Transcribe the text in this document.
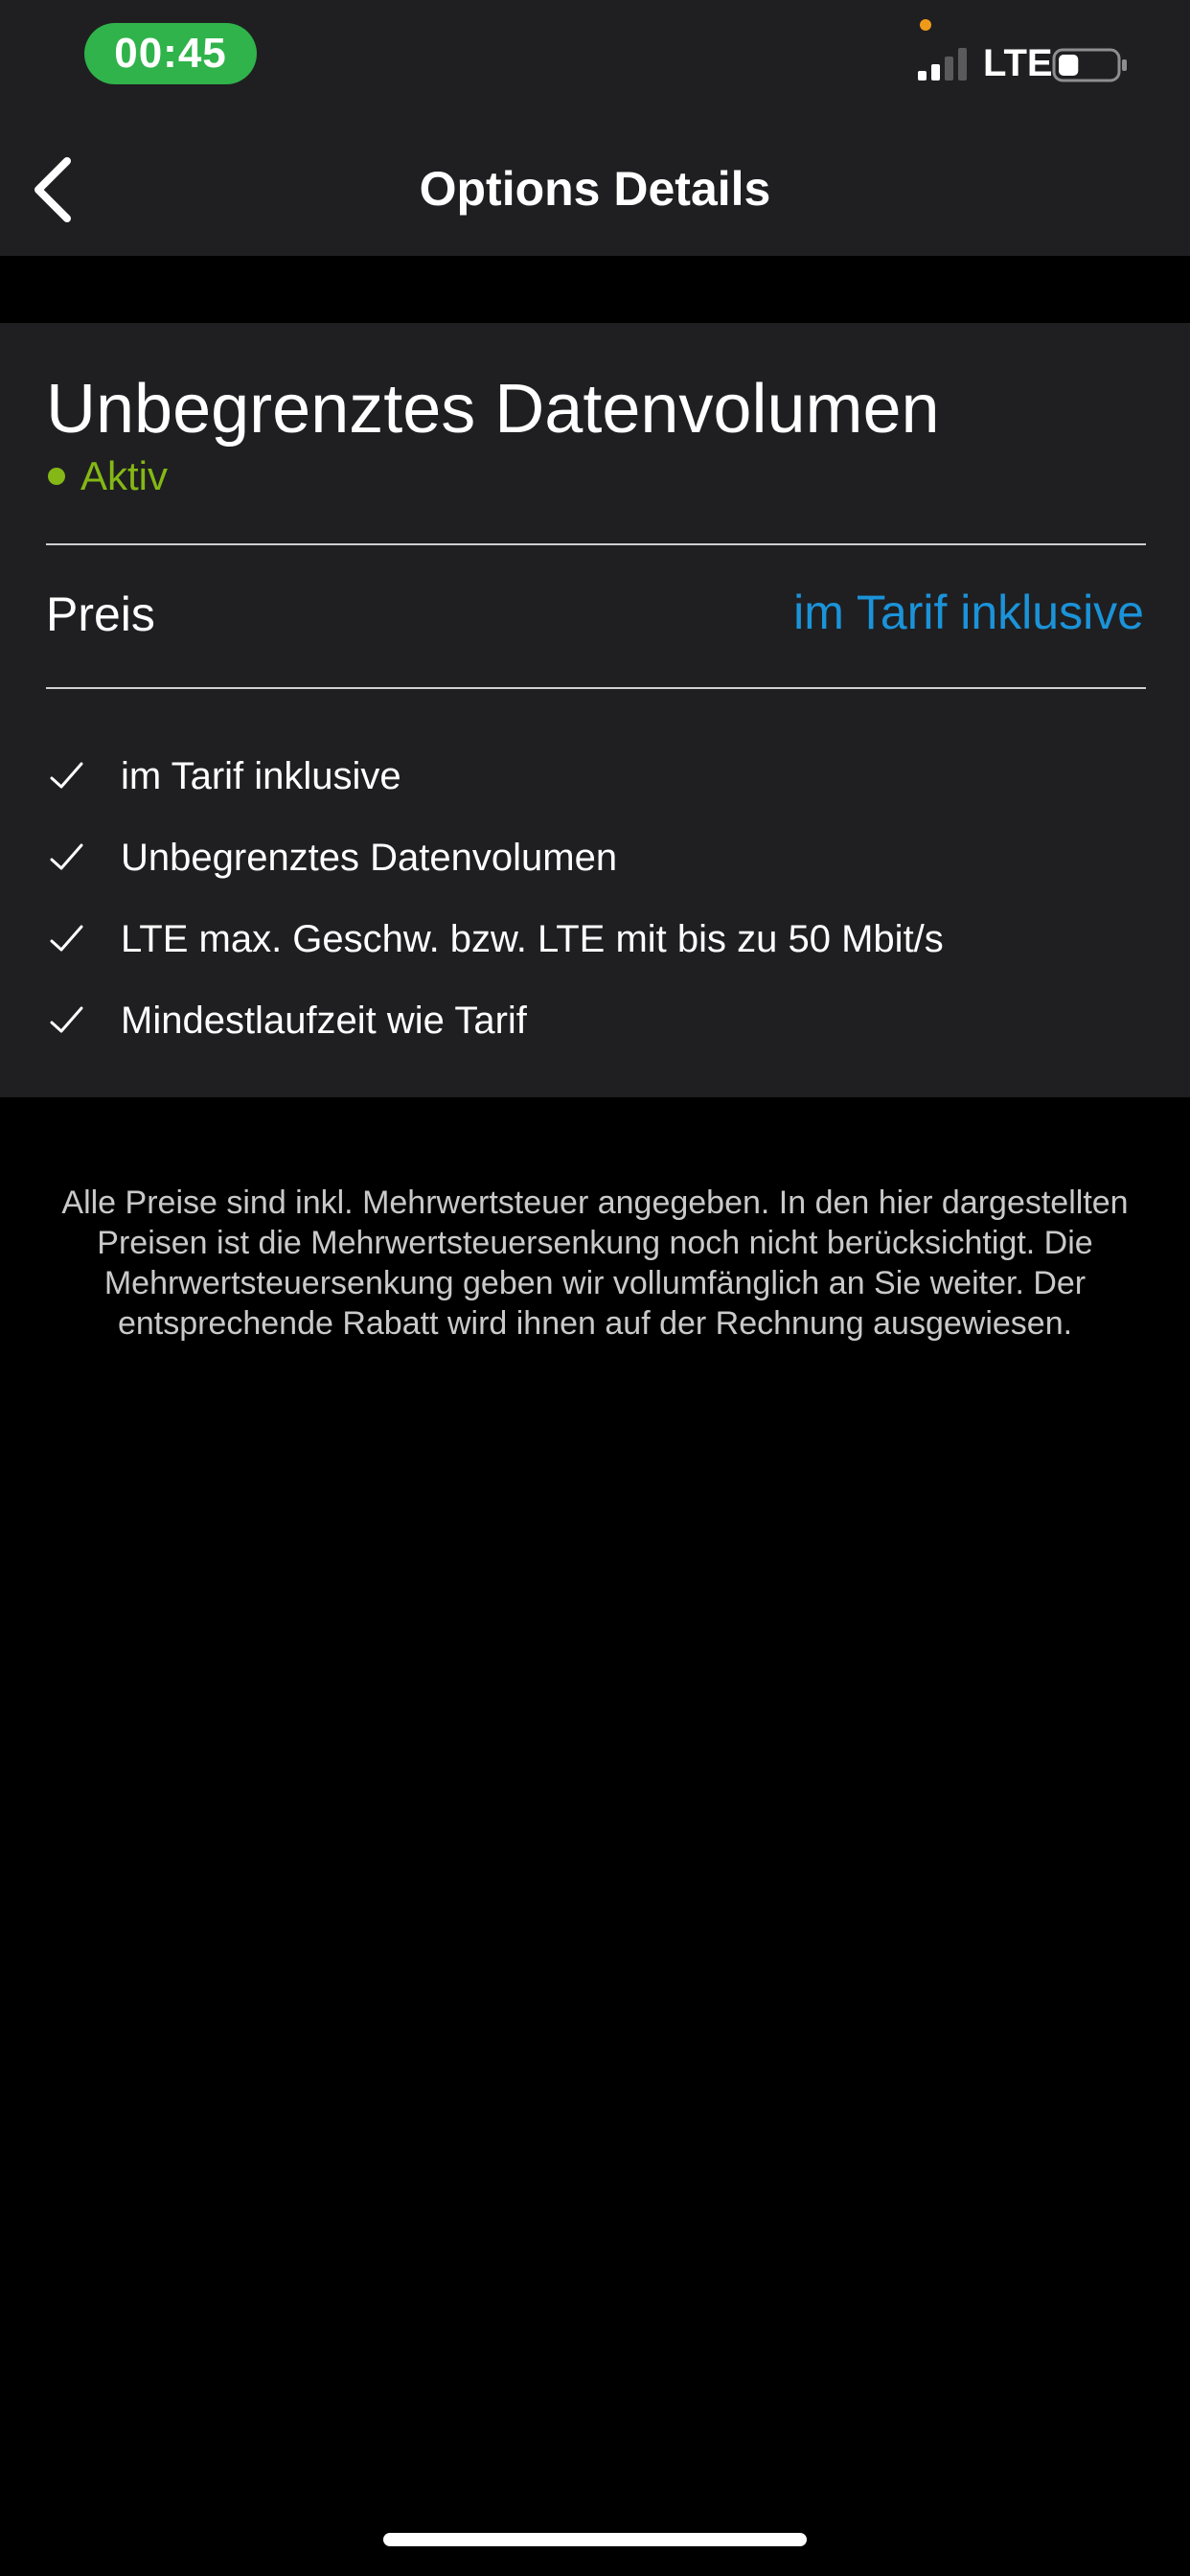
00:45	LTE
Options Details
Unbegrenztes Datenvolumen
Aktiv
Preis	im Tarif inklusive
im Tarif inklusive
Unbegrenztes Datenvolumen
LTE max. Geschw. bzw. LTE mit bis zu 50 Mbit/s
Mindestlaufzeit wie Tarif
Alle Preise sind inkl. Mehrwertsteuer angegeben. In den hier dargestellten Preisen ist die Mehrwertsteuersenkung noch nicht berücksichtigt. Die Mehrwertsteuersenkung geben wir vollumfänglich an Sie weiter. Der entsprechende Rabatt wird ihnen auf der Rechnung ausgewiesen.
